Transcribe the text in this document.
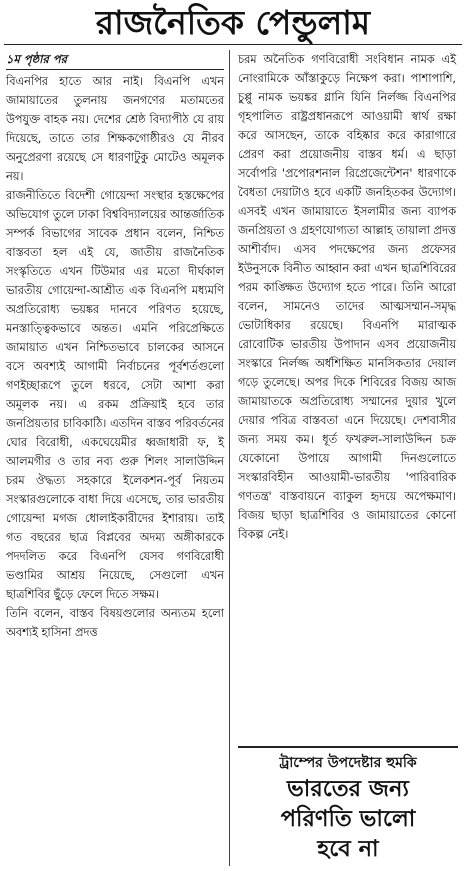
রাজনৈতিক পেন্ডুলাম
১ম পৃষ্ঠার পর

বিএনপির হাতে আর নাই। বিএনপি এখন জামায়াতের তুলনায় জনগণের মতামতের উপযুক্ত বাহক নয়। দেশের শ্রেষ্ঠ বিদ্যাপীঠ যে রায় দিয়েছে, তাতে তার শিক্ষকগোষ্ঠীরও যে নীরব অনুপ্রেরণা রয়েছে সে ধারণাটুকু মোটেও অমূলক নয়।

রাজনীতিতে বিদেশী গোয়েন্দা সংস্থার হস্তক্ষেপের অভিযোগ তুলে ঢাকা বিশ্ববিদ্যালয়ের আন্তর্জাতিক সম্পর্ক বিভাগের সাবেক প্রধান বলেন, নিশ্চিত বাস্তবতা হল এই যে, জাতীয় রাজনৈতিক সংস্কৃতিতে এখন টিউমার এর মতো দীর্ঘকাল ভারতীয় গোয়েন্দা-আশ্রীত এক বিএনপি মধ্যমণি অপ্রতিরোধ্য ভয়ঙ্কর দানবে পরিণত হয়েছে, মনস্তাত্ত্বিকভাবে অন্তত। এমনি পরিপ্রেক্ষিতে জামায়াত এখন নিশ্চিতভাবে চালকের আসনে বসে অবশ্যই আগামী নির্বাচনের পূর্বশর্তগুলো গণইচ্ছারূপে তুলে ধরবে, সেটা আশা করা অমূলক নয়। এ রকম প্রক্রিয়াই হবে তার জনপ্রিয়তার চাবিকাঠি। এতদিন বাস্তব পরিবর্তনের ঘোর বিরোধী, একঘেয়েমীর ধ্বজাধারী ফ, ই আলমগীর ও তার নব্য গুরু শিলং সালাউদ্দিন চরম ঔদ্ধত্য সহকারে ইলেকশন-পূর্ব নিয়তম সংস্কারগুলোকে বাধা দিয়ে এসেছে, তার ভারতীয় গোয়েন্দা মগজ ধোলাইকারীদের ইশারায়। তাই গত বছরের ছাত্র বিপ্লবের অদম্য অঙ্গীকারকে পদদলিত করে বিএনপি যেসব গণবিরোধী ভণ্ডামির আশ্রয় নিয়েছে, সেগুলো এখন ছাত্রশিবির ছুঁড়ে ফেলে দিতে সক্ষম।

তিনি বলেন, বাস্তব বিষয়গুলোর অন্যতম হলো অবশ্যই হাসিনা প্রদত্ত

চরম অনৈতিক গণবিরোধী সংবিধান নামক এই নোংরামিকে আঁস্তাকুড়ে নিক্ষেপ করা। পাশাপাশি, চুপ্পু নামক ভয়ঙ্কর গ্লানি যিনি নির্লজ্জ বিএনপির গৃহপালিত রাষ্ট্রপ্রধানরূপে আওয়ামী স্বার্থ রক্ষা করে আসছেন, তাকে বহিষ্কার করে কারাগারে প্রেরণ করা প্রয়োজনীয় বাস্তব ধর্ম। এ ছাড়া সর্বোপরি 'প্রপোরশনাল রিপ্রেজেন্টেশন' ধারণাকে বৈধতা দেয়াটাও হবে একটি জনহিতকর উদ্যোগ। এসবই এখন জামায়াতে ইসলামীর জন্য ব্যাপক জনপ্রিয়তা ও গ্রহণযোগ্যতা আল্লাহ তায়ালা প্রদত্ত আশীর্বাদ। এসব পদক্ষেপের জন্য প্রফেসর ইউনুসকে বিনীত আহ্বান করা এখন ছাত্রশিবিরের পরম কাঙ্ক্ষিত উদ্যোগ হতে পারে। তিনি আরো বলেন, সামনেও তাদের আত্মসম্মান-সমৃদ্ধ ভোটাধিকার রয়েছে। বিএনপি মারাত্মক রোবোটিক ভারতীয় উপাদান এসব প্রয়োজনীয় সংস্কারে নির্লজ্জ অর্ধশিক্ষিত মানসিকতার দেয়াল গড়ে তুলেছে। অপর দিকে শিবিরের বিজয় আজ জামায়াতকে অপ্রতিরোধ্য সম্মানের দুয়ার খুলে দেয়ার পবিত্র বাস্তবতা এনে দিয়েছে। দেশবাসীর জন্য সময় কম। ধূর্ত ফখরুল-সালাউদ্দিন চক্র যেকোনো উপায়ে আগামী দিনগুলোতে সংস্কারবিহীন আওয়ামী-ভারতীয় 'পারিবারিক গণতন্ত্র' বাস্তবায়নে ব্যাকুল হৃদয়ে অপেক্ষমাণ। বিজয় ছাড়া ছাত্রশিবির ও জামায়াতের কোনো বিকল্প নেই।

ট্রাম্পের উপদেষ্টার হুমকি
ভারতের জন্য
পরিণতি ভালো
হবে না
